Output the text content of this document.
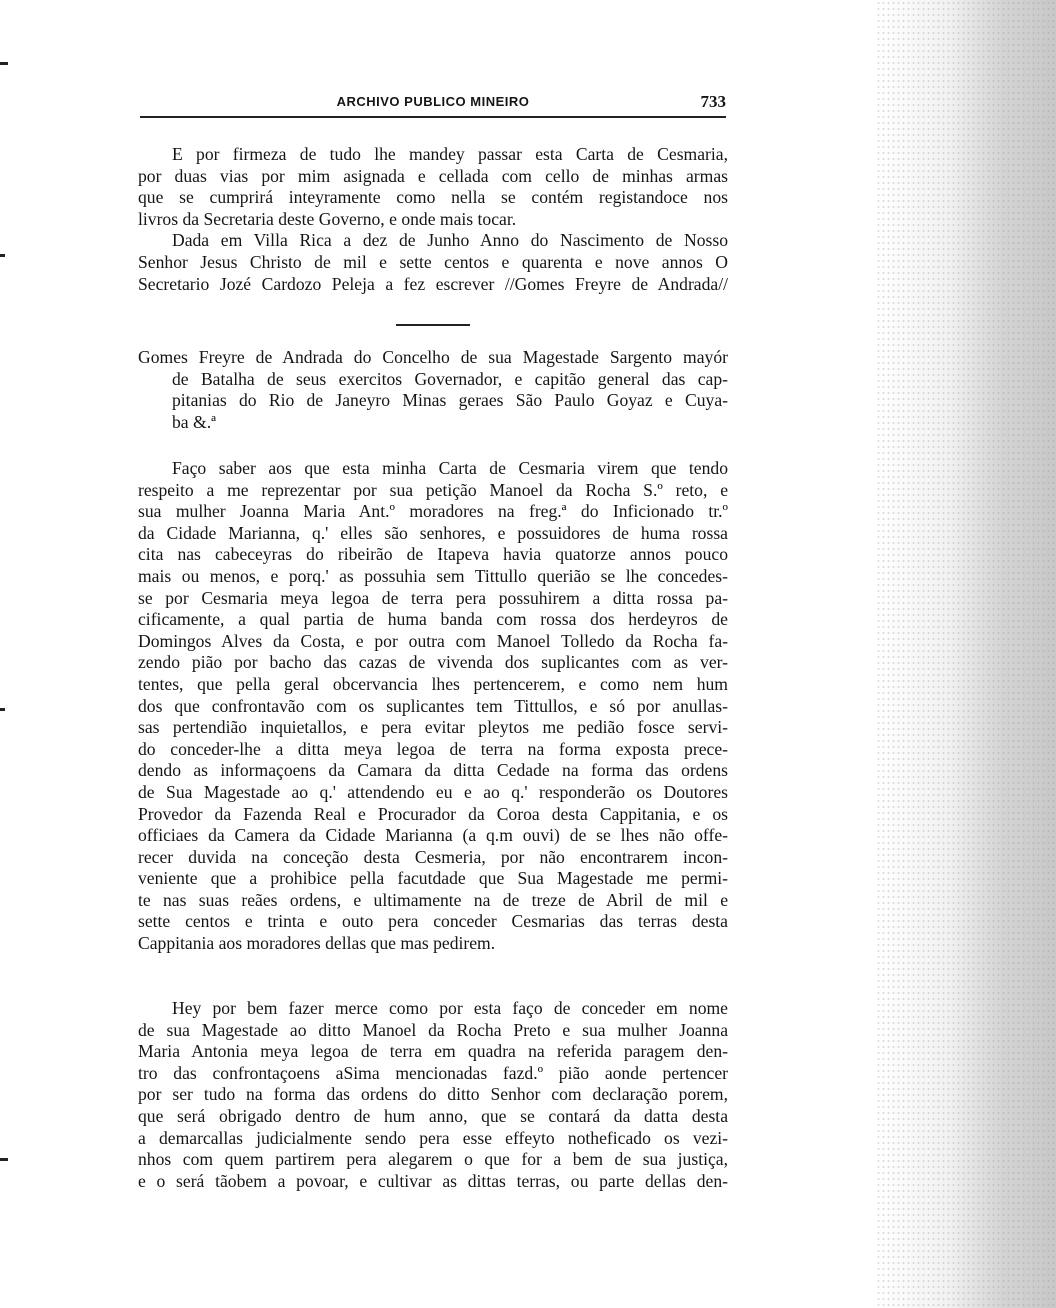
ARCHIVO PUBLICO MINEIRO	733
E por firmeza de tudo lhe mandey passar esta Carta de Cesmaria,
por duas vias por mim asignada e cellada com cello de minhas armas
que se cumprirá inteyramente como nella se contém registandoce nos
livros da Secretaria deste Governo, e onde mais tocar.
Dada em Villa Rica a dez de Junho Anno do Nascimento de Nosso
Senhor Jesus Christo de mil e sette centos e quarenta e nove annos O
Secretario Jozé Cardozo Peleja a fez escrever //Gomes Freyre de Andrada//
Gomes Freyre de Andrada do Concelho de sua Magestade Sargento mayór
de Batalha de seus exercitos Governador, e capitão general das cap-
pitanias do Rio de Janeyro Minas geraes São Paulo Goyaz e Cuya-
ba &.ª
Faço saber aos que esta minha Carta de Cesmaria virem que tendo
respeito a me reprezentar por sua petição Manoel da Rocha S.º reto, e
sua mulher Joanna Maria Ant.º moradores na freg.ª do Inficionado tr.º
da Cidade Marianna, q.' elles são senhores, e possuidores de huma rossa
cita nas cabeceyras do ribeirão de Itapeva havia quatorze annos pouco
mais ou menos, e porq.' as possuhia sem Tittullo querião se lhe concedes-
se por Cesmaria meya legoa de terra pera possuhirem a ditta rossa pa-
cificamente, a qual partia de huma banda com rossa dos herdeyros de
Domingos Alves da Costa, e por outra com Manoel Tolledo da Rocha fa-
zendo pião por bacho das cazas de vivenda dos suplicantes com as ver-
tentes, que pella geral obcervancia lhes pertencerem, e como nem hum
dos que confrontavão com os suplicantes tem Tittullos, e só por anullas-
sas pertendião inquietallos, e pera evitar pleytos me pedião fosce servi-
do conceder-lhe a ditta meya legoa de terra na forma exposta prece-
dendo as informaçoens da Camara da ditta Cedade na forma das ordens
de Sua Magestade ao q.' attendendo eu e ao q.' responderão os Doutores
Provedor da Fazenda Real e Procurador da Coroa desta Cappitania, e os
officiaes da Camera da Cidade Marianna (a q.m ouvi) de se lhes não offe-
recer duvida na conceção desta Cesmeria, por não encontrarem incon-
veniente que a prohibice pella facutdade que Sua Magestade me permi-
te nas suas reães ordens, e ultimamente na de treze de Abril de mil e
sette centos e trinta e outo pera conceder Cesmarias das terras desta
Cappitania aos moradores dellas que mas pedirem.
Hey por bem fazer merce como por esta faço de conceder em nome
de sua Magestade ao ditto Manoel da Rocha Preto e sua mulher Joanna
Maria Antonia meya legoa de terra em quadra na referida paragem den-
tro das confrontaçoens aSima mencionadas fazd.º pião aonde pertencer
por ser tudo na forma das ordens do ditto Senhor com declaração porem,
que será obrigado dentro de hum anno, que se contará da datta desta
a demarcallas judicialmente sendo pera esse effeyto notheficado os vezi-
nhos com quem partirem pera alegarem o que for a bem de sua justiça,
e o será tãobem a povoar, e cultivar as dittas terras, ou parte dellas den-
